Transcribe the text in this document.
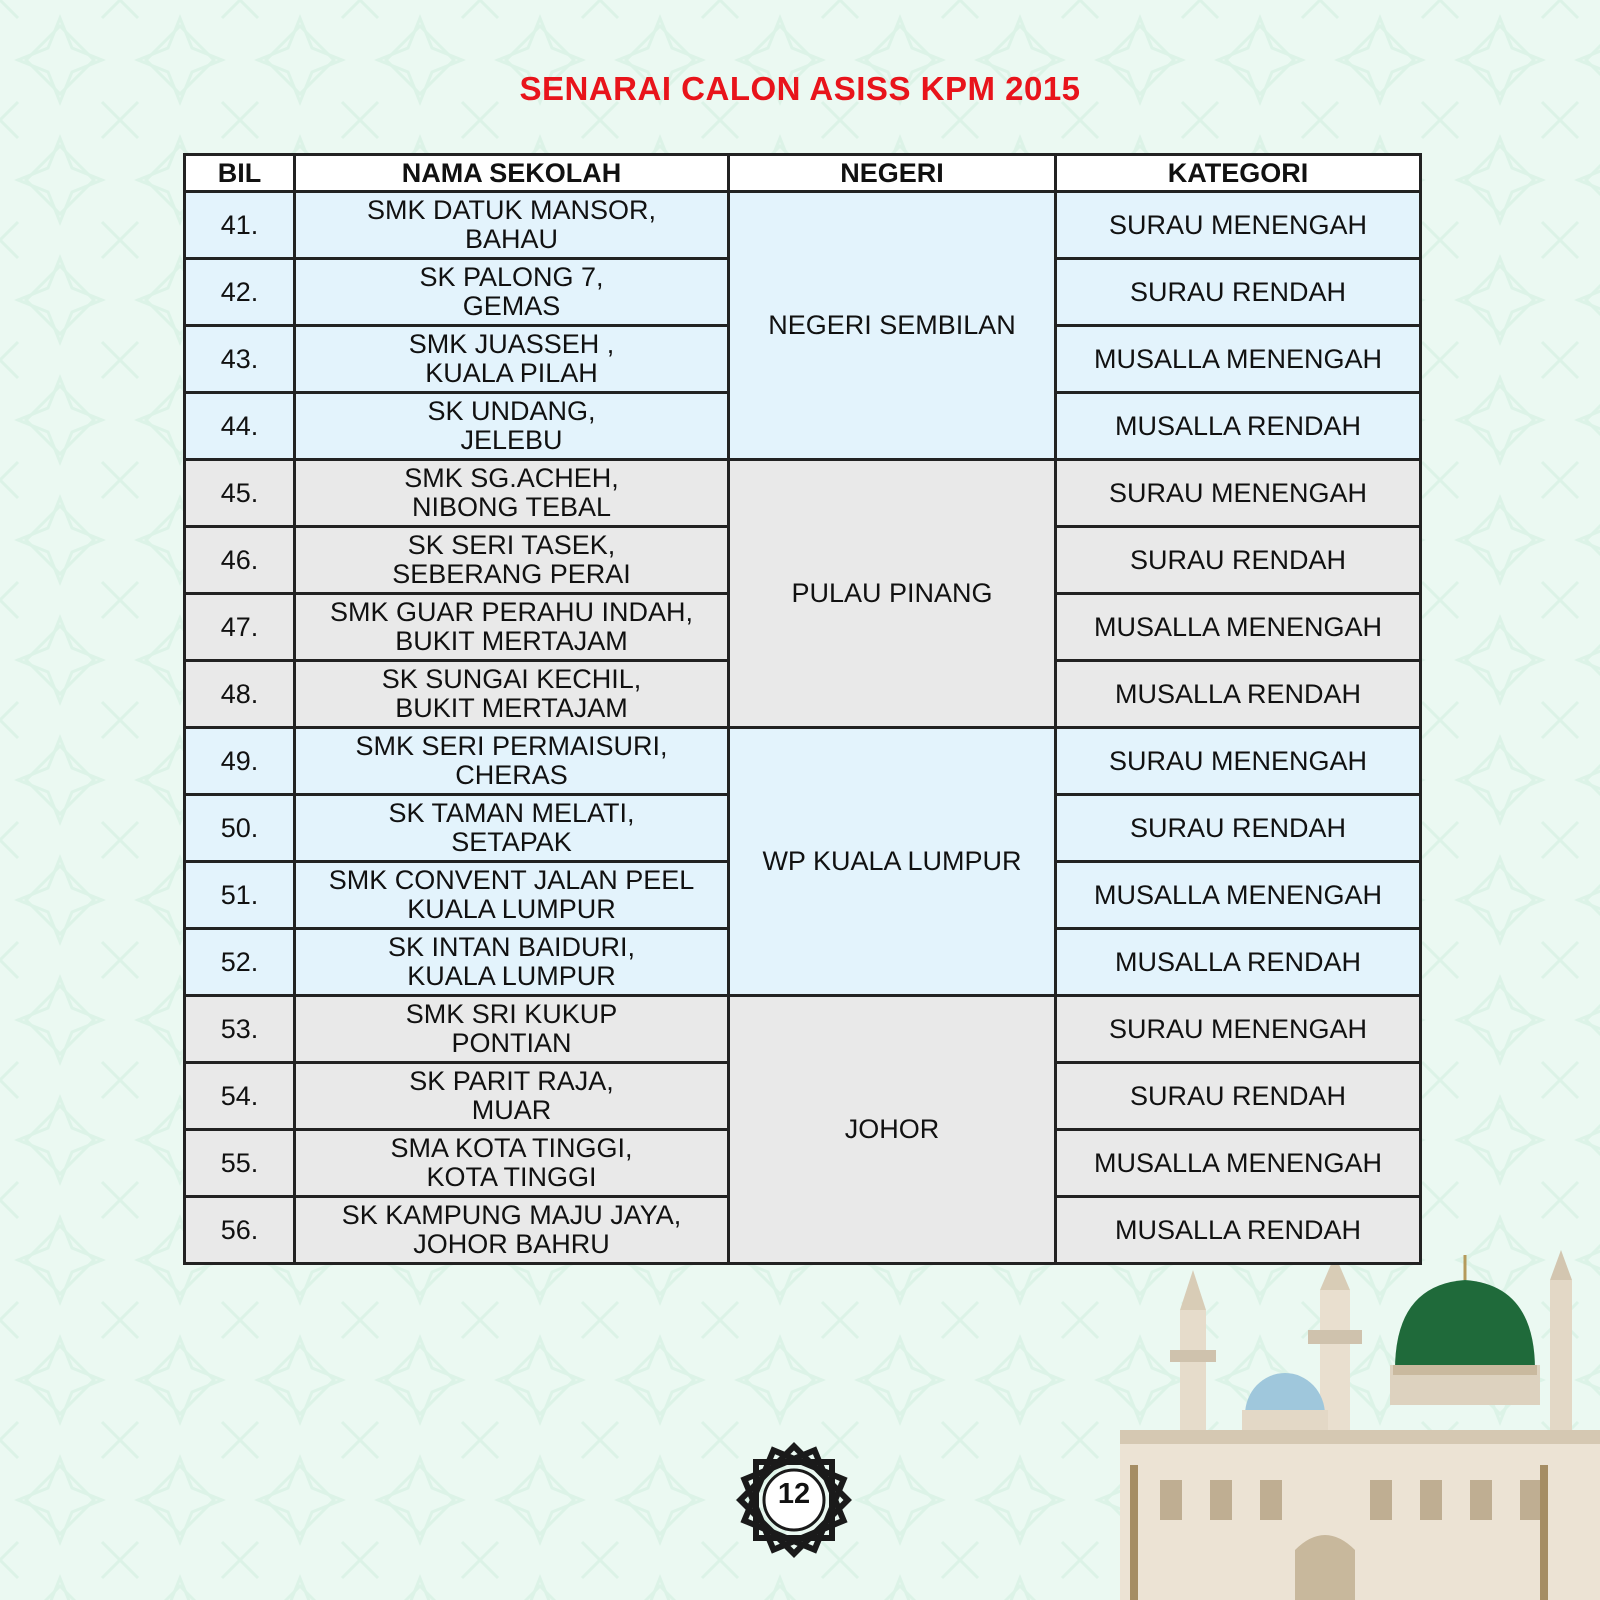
SENARAI CALON ASISS KPM 2015
BIL	NAMA SEKOLAH	NEGERI	KATEGORI
41.	SMK DATUK MANSOR,
BAHAU	NEGERI SEMBILAN	SURAU MENENGAH
42.	SK PALONG 7,
GEMAS		SURAU RENDAH
43.	SMK JUASSEH ,
KUALA PILAH		MUSALLA MENENGAH
44.	SK UNDANG,
JELEBU		MUSALLA RENDAH
45.	SMK SG.ACHEH,
NIBONG TEBAL	PULAU PINANG	SURAU MENENGAH
46.	SK SERI TASEK,
SEBERANG PERAI		SURAU RENDAH
47.	SMK GUAR PERAHU INDAH,
BUKIT MERTAJAM		MUSALLA MENENGAH
48.	SK SUNGAI KECHIL,
BUKIT MERTAJAM		MUSALLA RENDAH
49.	SMK SERI PERMAISURI,
CHERAS	WP KUALA LUMPUR	SURAU MENENGAH
50.	SK TAMAN MELATI,
SETAPAK		SURAU RENDAH
51.	SMK CONVENT JALAN PEEL
KUALA LUMPUR		MUSALLA MENENGAH
52.	SK INTAN BAIDURI,
KUALA LUMPUR		MUSALLA RENDAH
53.	SMK SRI KUKUP
PONTIAN	JOHOR	SURAU MENENGAH
54.	SK PARIT RAJA,
MUAR		SURAU RENDAH
55.	SMA KOTA TINGGI,
KOTA TINGGI		MUSALLA MENENGAH
56.	SK KAMPUNG MAJU JAYA,
JOHOR BAHRU		MUSALLA RENDAH
12
